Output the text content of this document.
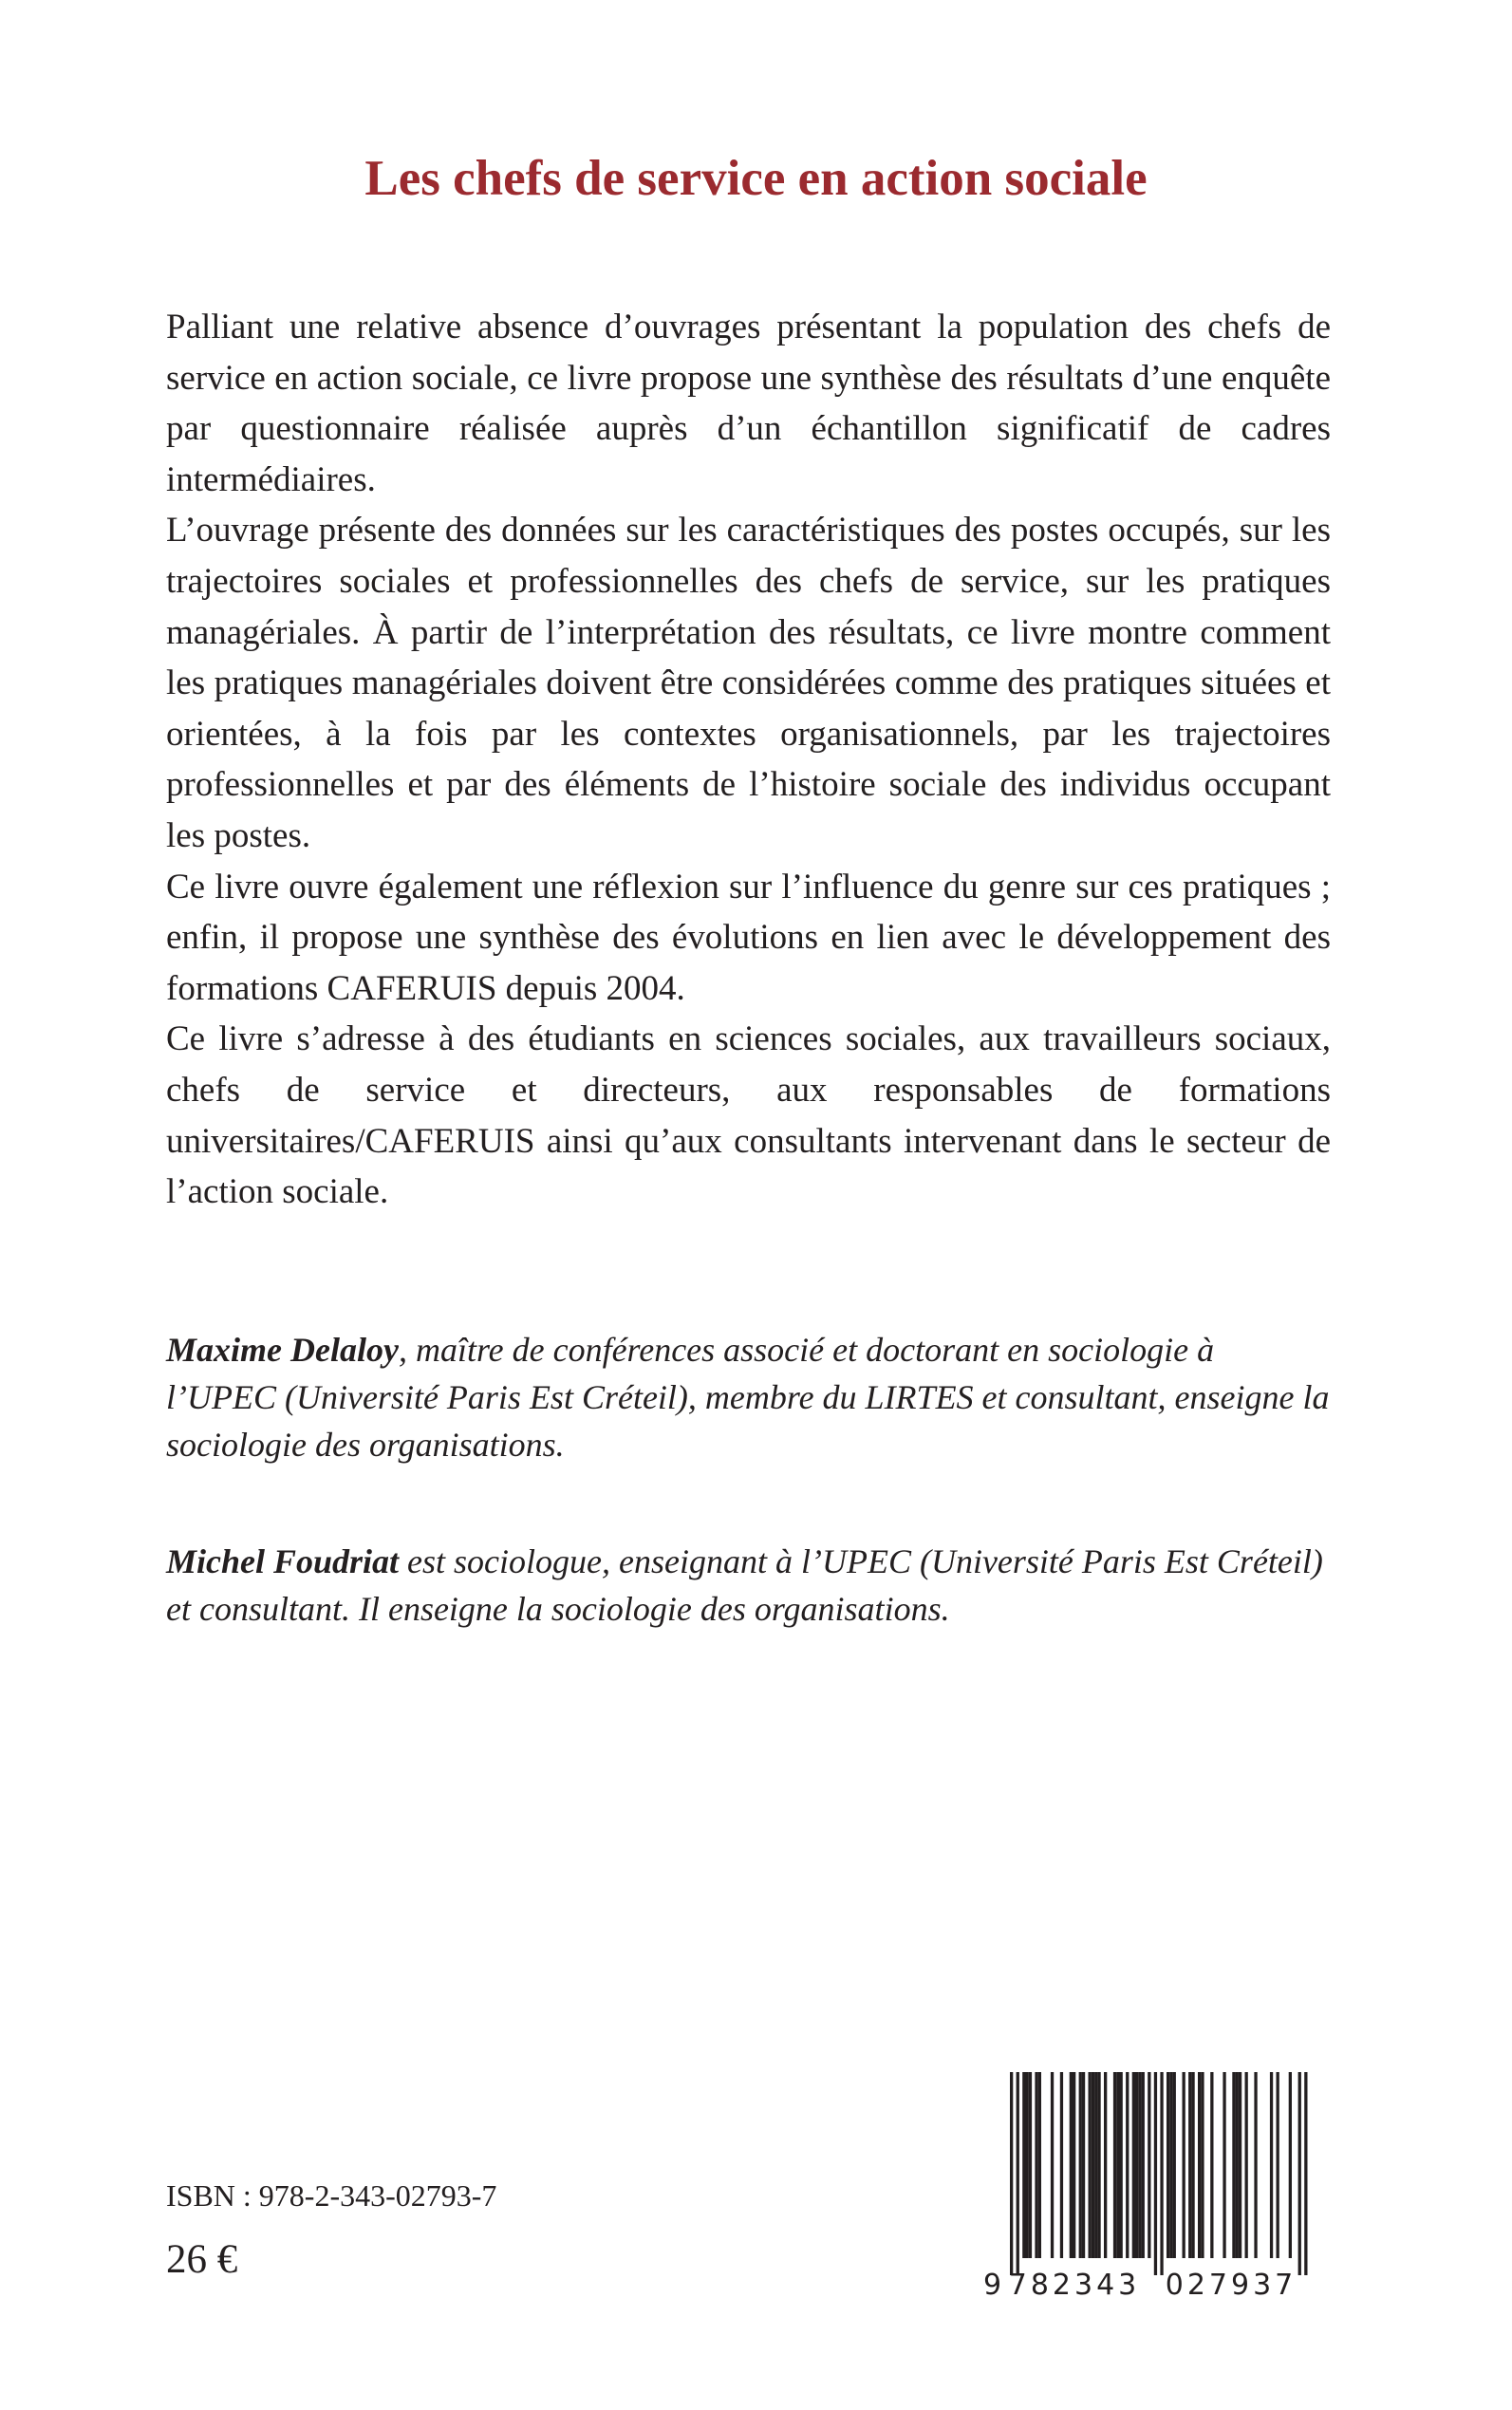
Les chefs de service en action sociale

Palliant une relative absence d’ouvrages présentant la population des chefs de service en action sociale, ce livre propose une synthèse des résultats d’une enquête par questionnaire réalisée auprès d’un échantillon significatif de cadres intermédiaires.

L’ouvrage présente des données sur les caractéristiques des postes occupés, sur les trajectoires sociales et professionnelles des chefs de service, sur les pratiques managériales. À partir de l’interprétation des résultats, ce livre montre comment les pratiques managériales doivent être considérées comme des pratiques situées et orientées, à la fois par les contextes organisationnels, par les trajectoires professionnelles et par des éléments de l’histoire sociale des individus occupant les postes.

Ce livre ouvre également une réflexion sur l’influence du genre sur ces pratiques ; enfin, il propose une synthèse des évolutions en lien avec le développement des formations CAFERUIS depuis 2004.

Ce livre s’adresse à des étudiants en sciences sociales, aux travailleurs sociaux, chefs de service et directeurs, aux responsables de formations universitaires/CAFERUIS ainsi qu’aux consultants intervenant dans le secteur de l’action sociale.

Maxime Delaloy, maître de conférences associé et doctorant en sociologie à l’UPEC (Université Paris Est Créteil), membre du LIRTES et consultant, enseigne la sociologie des organisations.

Michel Foudriat est sociologue, enseignant à l’UPEC (Université Paris Est Créteil) et consultant. Il enseigne la sociologie des organisations.

ISBN : 978-2-343-02793-7

26 €

9 782343 027937
